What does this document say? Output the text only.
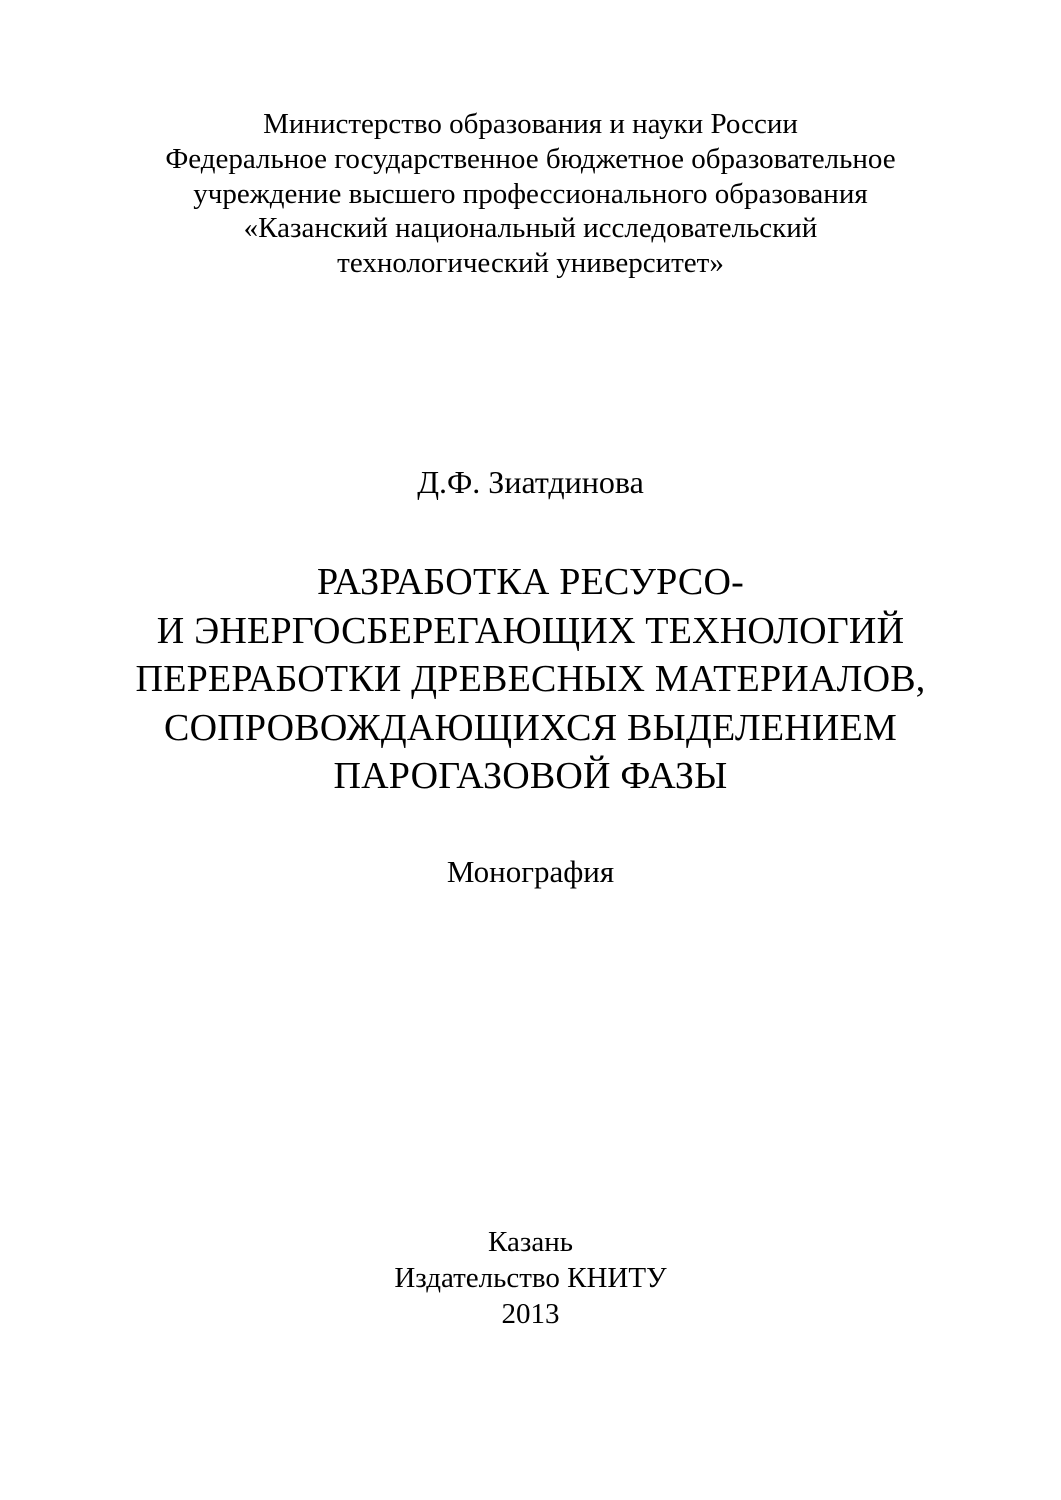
Министерство образования и науки России
Федеральное государственное бюджетное образовательное
учреждение высшего профессионального образования
«Казанский национальный исследовательский
технологический университет»
Д.Ф. Зиатдинова
РАЗРАБОТКА РЕСУРСО-
И ЭНЕРГОСБЕРЕГАЮЩИХ ТЕХНОЛОГИЙ
ПЕРЕРАБОТКИ ДРЕВЕСНЫХ МАТЕРИАЛОВ,
СОПРОВОЖДАЮЩИХСЯ ВЫДЕЛЕНИЕМ
ПАРОГАЗОВОЙ ФАЗЫ
Монография
Казань
Издательство КНИТУ
2013
